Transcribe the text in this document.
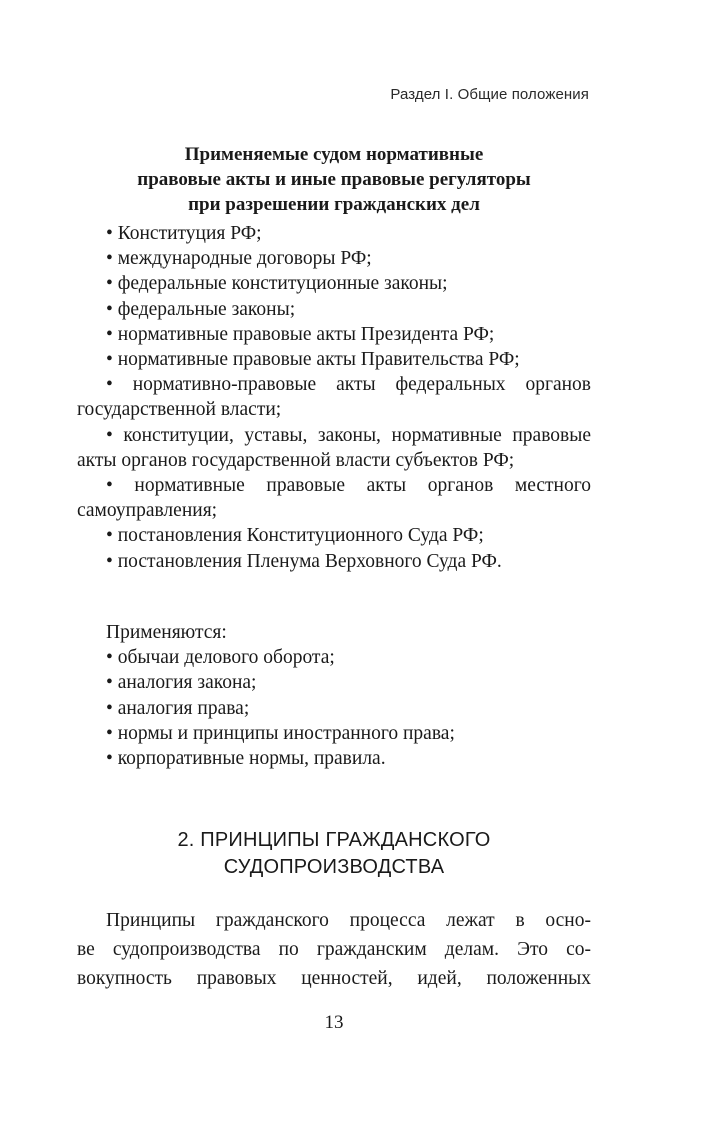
Раздел I. Общие положения
Применяемые судом нормативные
правовые акты и иные правовые регуляторы
при разрешении гражданских дел
• Конституция РФ;
• международные договоры РФ;
• федеральные конституционные законы;
• федеральные законы;
• нормативные правовые акты Президента РФ;
• нормативные правовые акты Правительства РФ;
• нормативно-правовые акты федеральных органов государственной власти;
• конституции, уставы, законы, нормативные правовые акты органов государственной власти субъектов РФ;
• нормативные правовые акты органов местного самоуправления;
• постановления Конституционного Суда РФ;
• постановления Пленума Верховного Суда РФ.
Применяются:
• обычаи делового оборота;
• аналогия закона;
• аналогия права;
• нормы и принципы иностранного права;
• корпоративные нормы, правила.
2. ПРИНЦИПЫ ГРАЖДАНСКОГО
СУДОПРОИЗВОДСТВА
Принципы гражданского процесса лежат в осно-
ве судопроизводства по гражданским делам. Это со-
вокупность правовых ценностей, идей, положенных
13
